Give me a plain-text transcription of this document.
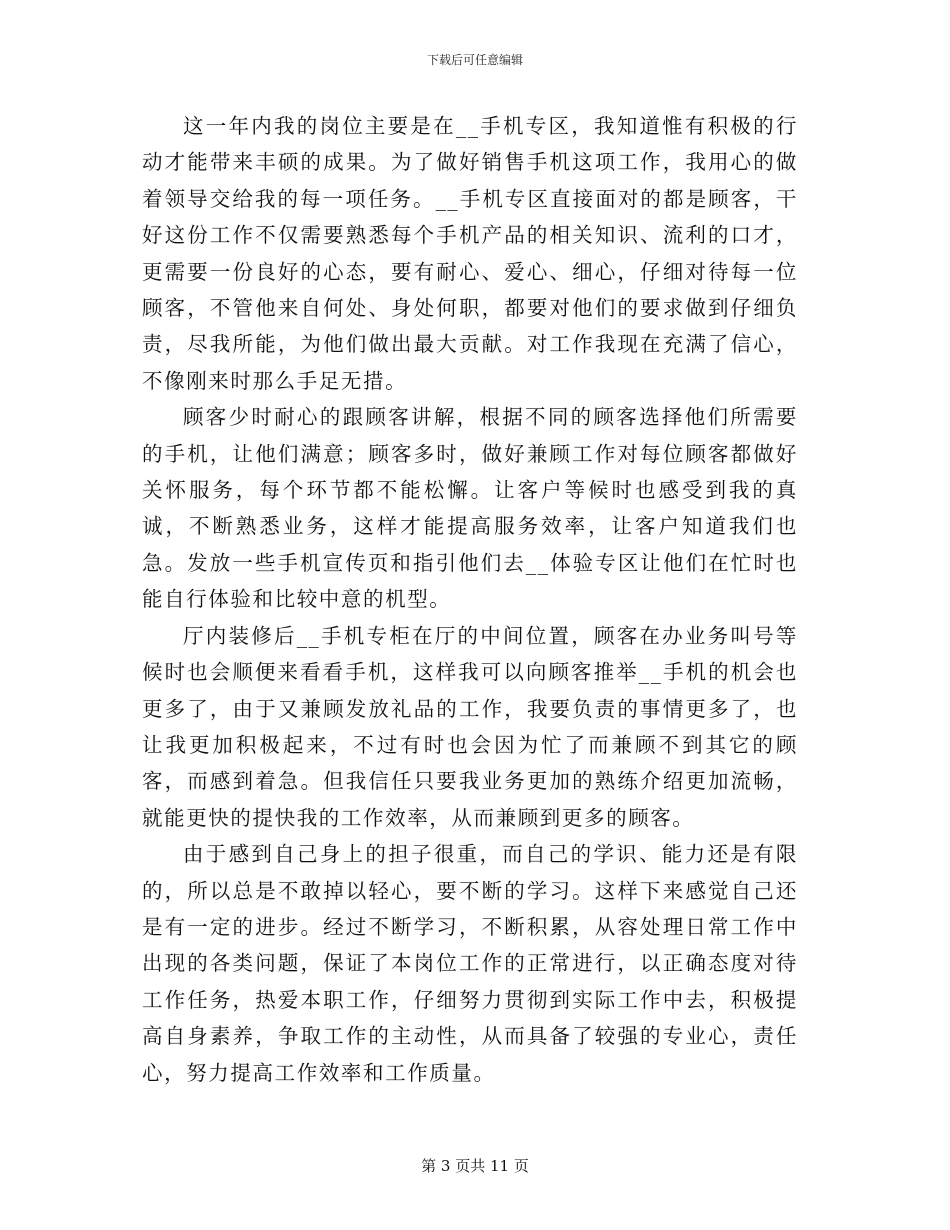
下载后可任意编辑

这一年内我的岗位主要是在__手机专区，我知道惟有积极的行动才能带来丰硕的成果。为了做好销售手机这项工作，我用心的做着领导交给我的每一项任务。__手机专区直接面对的都是顾客，干好这份工作不仅需要熟悉每个手机产品的相关知识、流利的口才，更需要一份良好的心态，要有耐心、爱心、细心，仔细对待每一位顾客，不管他来自何处、身处何职，都要对他们的要求做到仔细负责，尽我所能，为他们做出最大贡献。对工作我现在充满了信心，不像刚来时那么手足无措。

顾客少时耐心的跟顾客讲解，根据不同的顾客选择他们所需要的手机，让他们满意；顾客多时，做好兼顾工作对每位顾客都做好关怀服务，每个环节都不能松懈。让客户等候时也感受到我的真诚，不断熟悉业务，这样才能提高服务效率，让客户知道我们也急。发放一些手机宣传页和指引他们去__体验专区让他们在忙时也能自行体验和比较中意的机型。

厅内装修后__手机专柜在厅的中间位置，顾客在办业务叫号等候时也会顺便来看看手机，这样我可以向顾客推举__手机的机会也更多了，由于又兼顾发放礼品的工作，我要负责的事情更多了，也让我更加积极起来，不过有时也会因为忙了而兼顾不到其它的顾客，而感到着急。但我信任只要我业务更加的熟练介绍更加流畅，就能更快的提快我的工作效率，从而兼顾到更多的顾客。

由于感到自己身上的担子很重，而自己的学识、能力还是有限的，所以总是不敢掉以轻心，要不断的学习。这样下来感觉自己还是有一定的进步。经过不断学习，不断积累，从容处理日常工作中出现的各类问题，保证了本岗位工作的正常进行，以正确态度对待工作任务，热爱本职工作，仔细努力贯彻到实际工作中去，积极提高自身素养，争取工作的主动性，从而具备了较强的专业心，责任心，努力提高工作效率和工作质量。

第 3 页共 11 页
